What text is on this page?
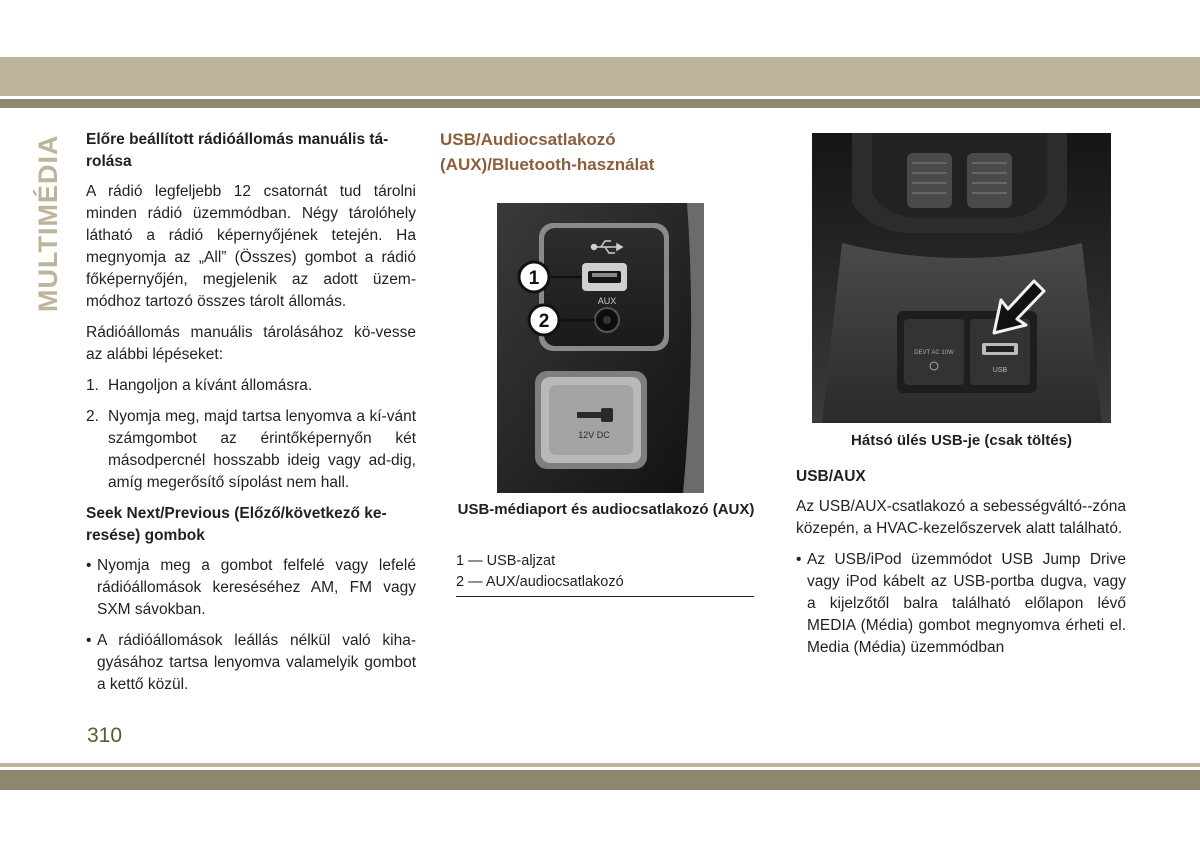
MULTIMÉDIA	Előre beállított rádióállomás manuális tá-rolása

A rádió legfeljebb 12 csatornát tud tárolni minden rádió üzemmódban. Négy tárolóhely látható a rádió képernyőjének tetején. Ha megnyomja az „All” (Összes) gombot a rádió főképernyőjén, megjelenik az adott üzem-módhoz tartozó összes tárolt állomás.

Rádióállomás manuális tárolásához kö-vesse az alábbi lépéseket:

1. Hangoljon a kívánt állomásra.
2. Nyomja meg, majd tartsa lenyomva a kí-vánt számgombot az érintőképernyőn két másodpercnél hosszabb ideig vagy ad-dig, amíg megerősítő sípolást nem hall.

Seek Next/Previous (Előző/következő ke-resése) gombok

• Nyomja meg a gombot felfelé vagy lefelé rádióállomások kereséséhez AM, FM vagy SXM sávokban.
• A rádióállomások leállás nélkül való kiha-gyásához tartsa lenyomva valamelyik gombot a kettő közül.

USB/Audiocsatlakozó (AUX)/Bluetooth-használat

AUX
1
2
12V DC
USB-médiaport és audiocsatlakozó (AUX)
1 — USB-aljzat
2 — AUX/audiocsatlakozó
DEVT AC 10W
USB
Hátsó ülés USB-je (csak töltés)

USB/AUX

Az USB/AUX-csatlakozó a sebességváltó--zóna közepén, a HVAC-kezelőszervek alatt található.

• Az USB/iPod üzemmódot USB Jump Drive vagy iPod kábelt az USB-portba dugva, vagy a kijelzőtől balra található előlapon lévő MEDIA (Média) gombot megnyomva érheti el. Media (Média) üzemmódban
310
